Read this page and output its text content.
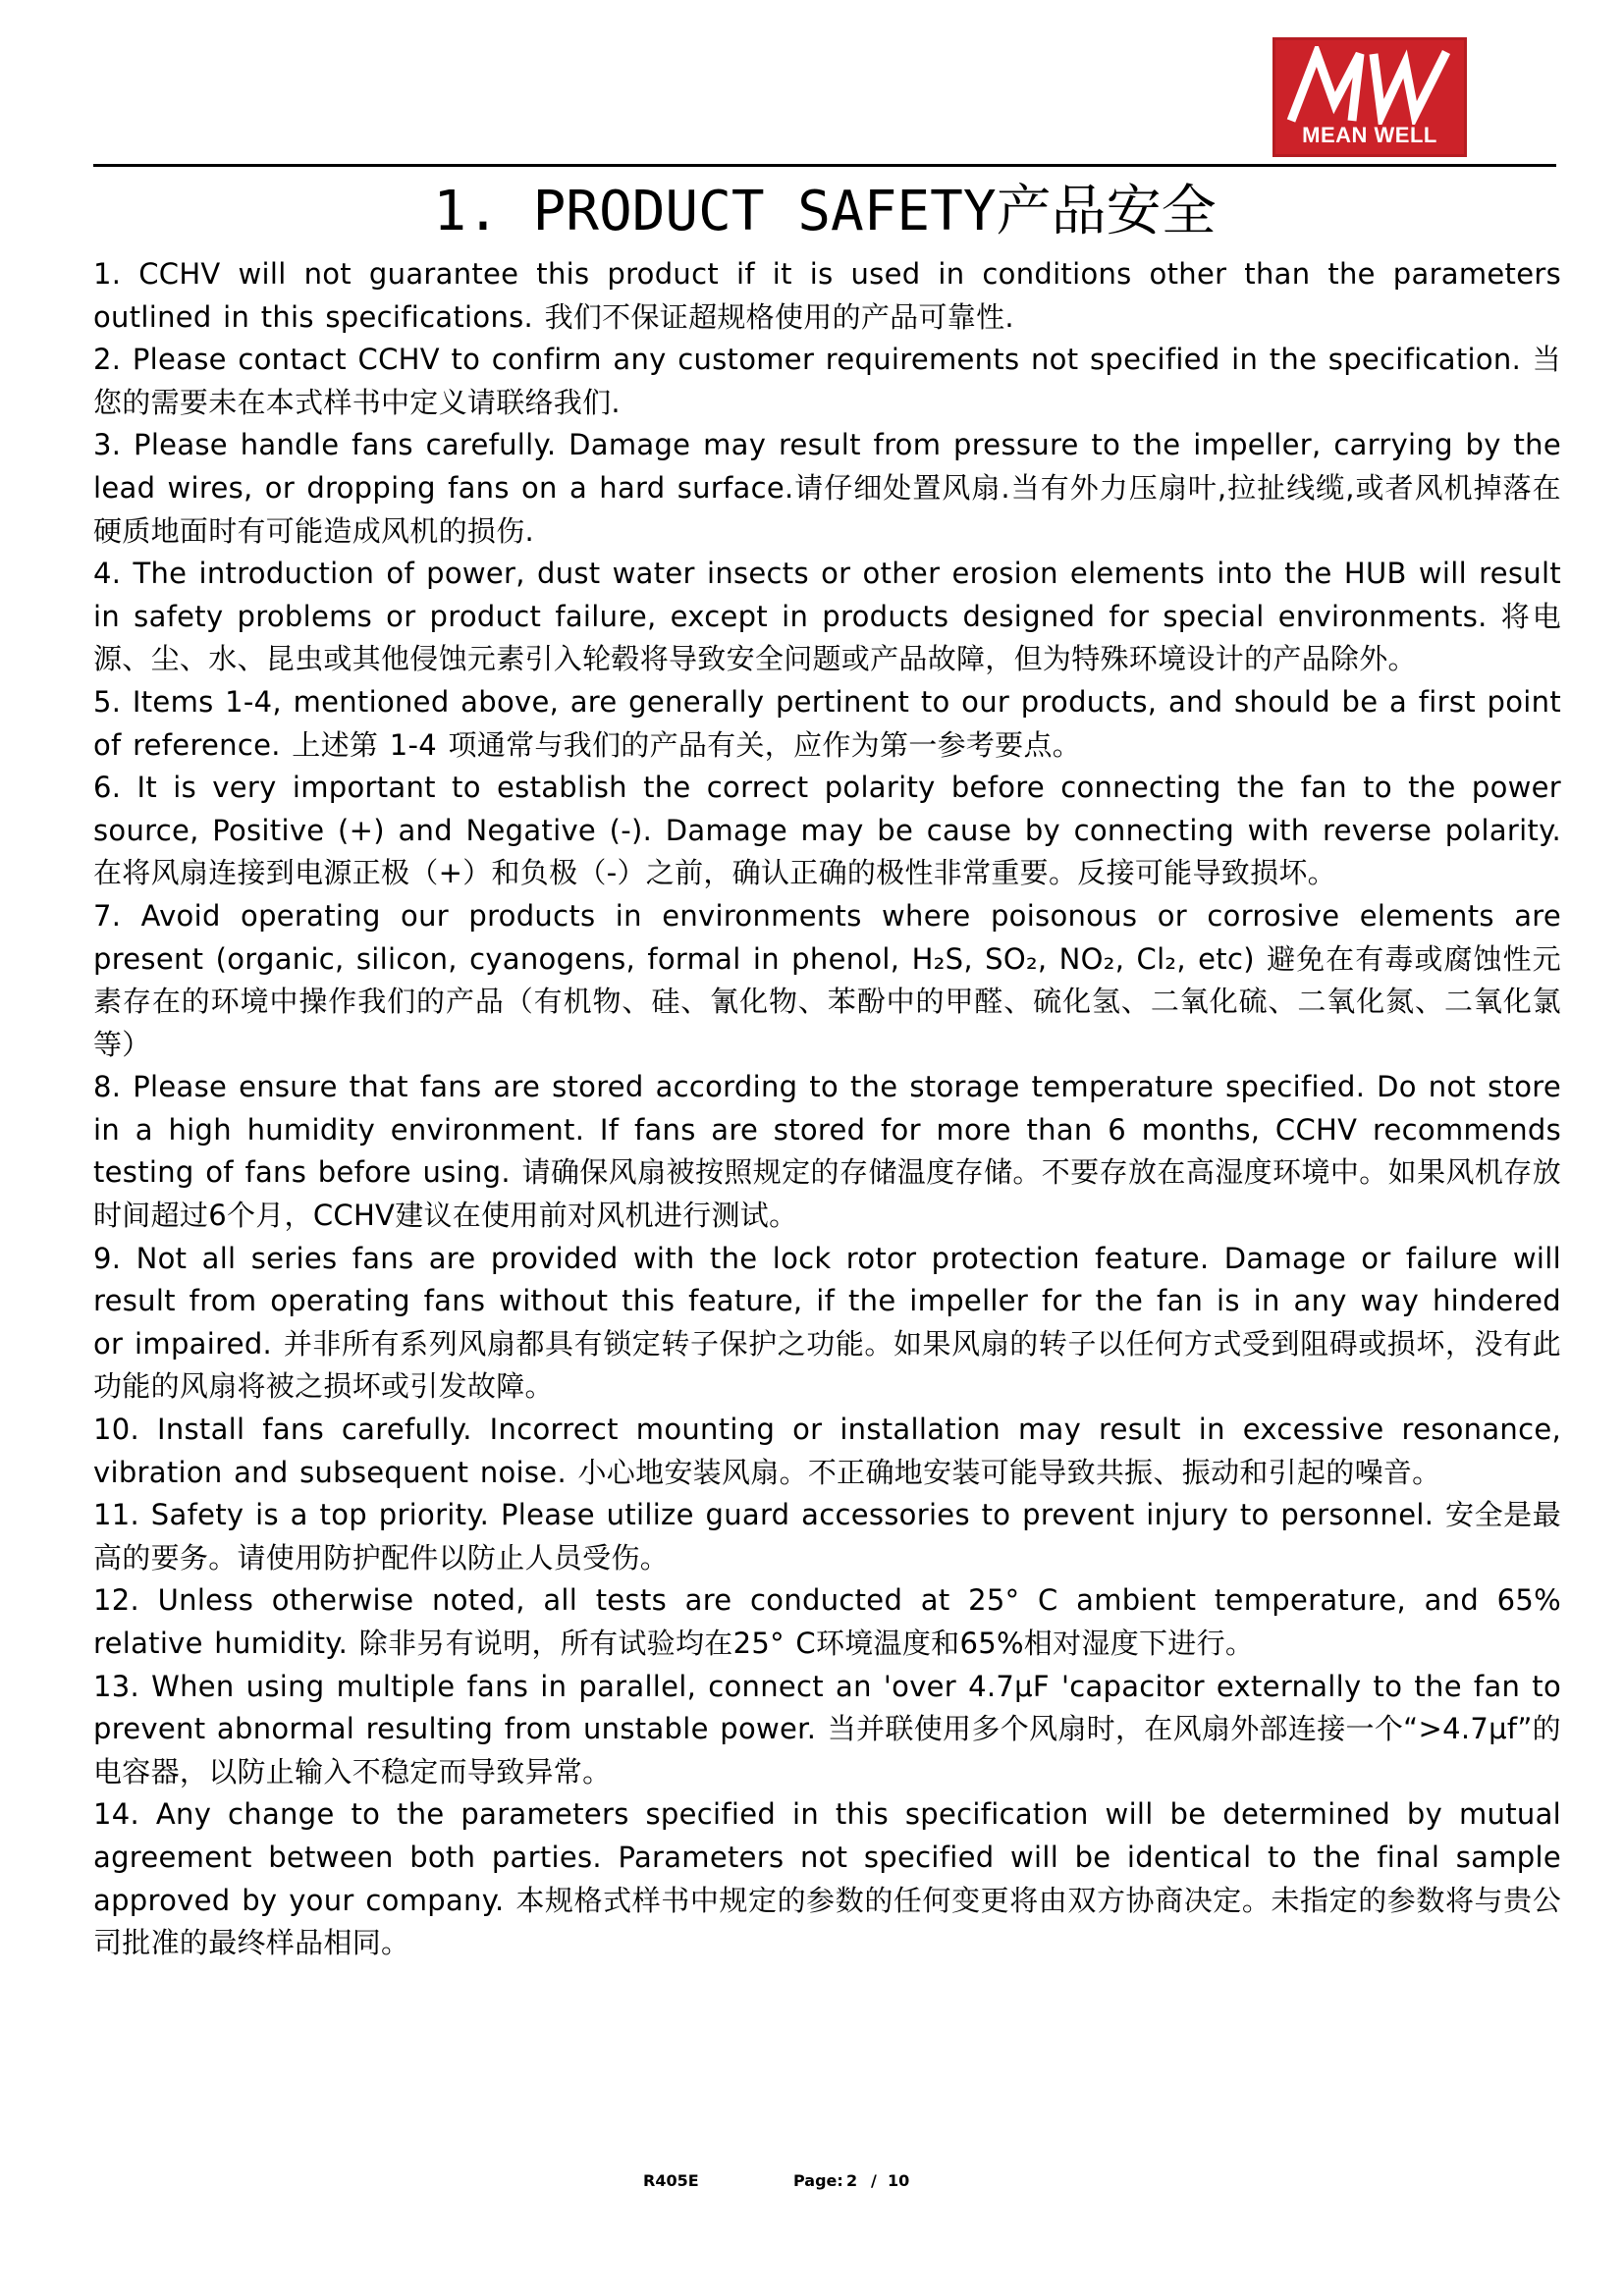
MEAN WELL
1. PRODUCT SAFETY产品安全

1. CCHV will not guarantee this product if it is used in conditions other than the parameters outlined in this specifications. 我们不保证超规格使用的产品可靠性.

2. Please contact CCHV to confirm any customer requirements not specified in the specification. 当您的需要未在本式样书中定义请联络我们.

3. Please handle fans carefully. Damage may result from pressure to the impeller, carrying by the lead wires, or dropping fans on a hard surface.请仔细处置风扇.当有外力压扇叶,拉扯线缆,或者风机掉落在硬质地面时有可能造成风机的损伤.

4. The introduction of power, dust water insects or other erosion elements into the HUB will result in safety problems or product failure, except in products designed for special environments. 将电源、尘、水、昆虫或其他侵蚀元素引入轮毂将导致安全问题或产品故障，但为特殊环境设计的产品除外。

5. Items 1-4, mentioned above, are generally pertinent to our products, and should be a first point of reference. 上述第 1-4 项通常与我们的产品有关，应作为第一参考要点。

6. It is very important to establish the correct polarity before connecting the fan to the power source, Positive (+) and Negative (-). Damage may be cause by connecting with reverse polarity. 在将风扇连接到电源正极（+）和负极（-）之前，确认正确的极性非常重要。反接可能导致损坏。

7. Avoid operating our products in environments where poisonous or corrosive elements are present (organic, silicon, cyanogens, formal in phenol, H₂S, SO₂, NO₂, Cl₂, etc) 避免在有毒或腐蚀性元素存在的环境中操作我们的产品（有机物、硅、氰化物、苯酚中的甲醛、硫化氢、二氧化硫、二氧化氮、二氧化氯等）

8. Please ensure that fans are stored according to the storage temperature specified. Do not store in a high humidity environment. If fans are stored for more than 6 months, CCHV recommends testing of fans before using. 请确保风扇被按照规定的存储温度存储。不要存放在高湿度环境中。如果风机存放时间超过6个月，CCHV建议在使用前对风机进行测试。

9. Not all series fans are provided with the lock rotor protection feature. Damage or failure will result from operating fans without this feature, if the impeller for the fan is in any way hindered or impaired. 并非所有系列风扇都具有锁定转子保护之功能。如果风扇的转子以任何方式受到阻碍或损坏，没有此功能的风扇将被之损坏或引发故障。

10. Install fans carefully. Incorrect mounting or installation may result in excessive resonance, vibration and subsequent noise. 小心地安装风扇。不正确地安装可能导致共振、振动和引起的噪音。

11. Safety is a top priority. Please utilize guard accessories to prevent injury to personnel. 安全是最高的要务。请使用防护配件以防止人员受伤。

12. Unless otherwise noted, all tests are conducted at 25° C ambient temperature, and 65% relative humidity. 除非另有说明，所有试验均在25° C环境温度和65%相对湿度下进行。

13. When using multiple fans in parallel, connect an 'over 4.7μF 'capacitor externally to the fan to prevent abnormal resulting from unstable power. 当并联使用多个风扇时，在风扇外部连接一个“>4.7μf”的电容器，以防止输入不稳定而导致异常。

14. Any change to the parameters specified in this specification will be determined by mutual agreement between both parties. Parameters not specified will be identical to the final sample approved by your company. 本规格式样书中规定的参数的任何变更将由双方协商决定。未指定的参数将与贵公司批准的最终样品相同。

R405E	Page: 2 / 10
